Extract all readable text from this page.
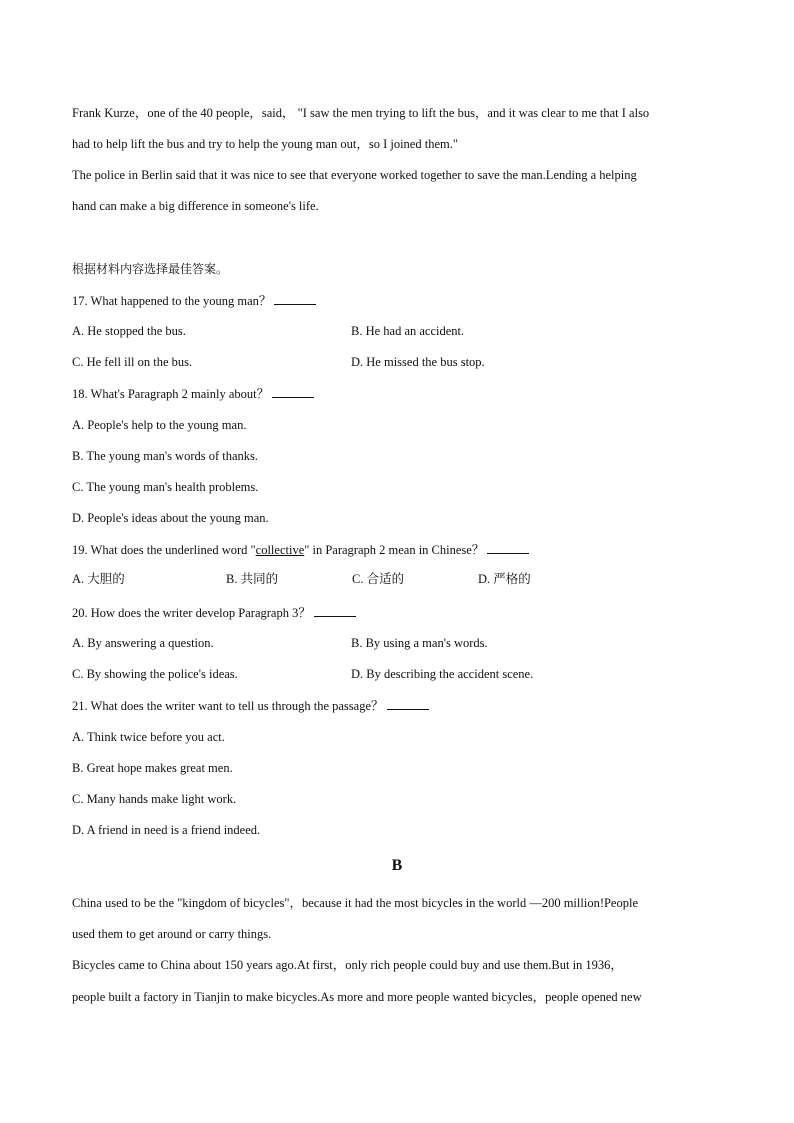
Frank Kurze，one of the 40 people，said， "I saw the men trying to lift the bus，and it was clear to me that I also
had to help lift the bus and try to help the young man out，so I joined them."
The police in Berlin said that it was nice to see that everyone worked together to save the man.Lending a helping
hand can make a big difference in someone's life.
根据材料内容选择最佳答案。
17. What happened to the young man？
A. He stopped the bus.	B. He had an accident.
C. He fell ill on the bus.	D. He missed the bus stop.
18. What's Paragraph 2 mainly about？
A. People's help to the young man.
B. The young man's words of thanks.
C. The young man's health problems.
D. People's ideas about the young man.
19. What does the underlined word "collective" in Paragraph 2 mean in Chinese？
A. 大胆的	B. 共同的	C. 合适的	D. 严格的
20. How does the writer develop Paragraph 3？
A. By answering a question.	B. By using a man's words.
C. By showing the police's ideas.	D. By describing the accident scene.
21. What does the writer want to tell us through the passage？
A. Think twice before you act.
B. Great hope makes great men.
C. Many hands make light work.
D. A friend in need is a friend indeed.
B
China used to be the "kingdom of bicycles"，because it had the most bicycles in the world —200 million!People
used them to get around or carry things.
Bicycles came to China about 150 years ago.At first，only rich people could buy and use them.But in 1936，
people built a factory in Tianjin to make bicycles.As more and more people wanted bicycles，people opened new
